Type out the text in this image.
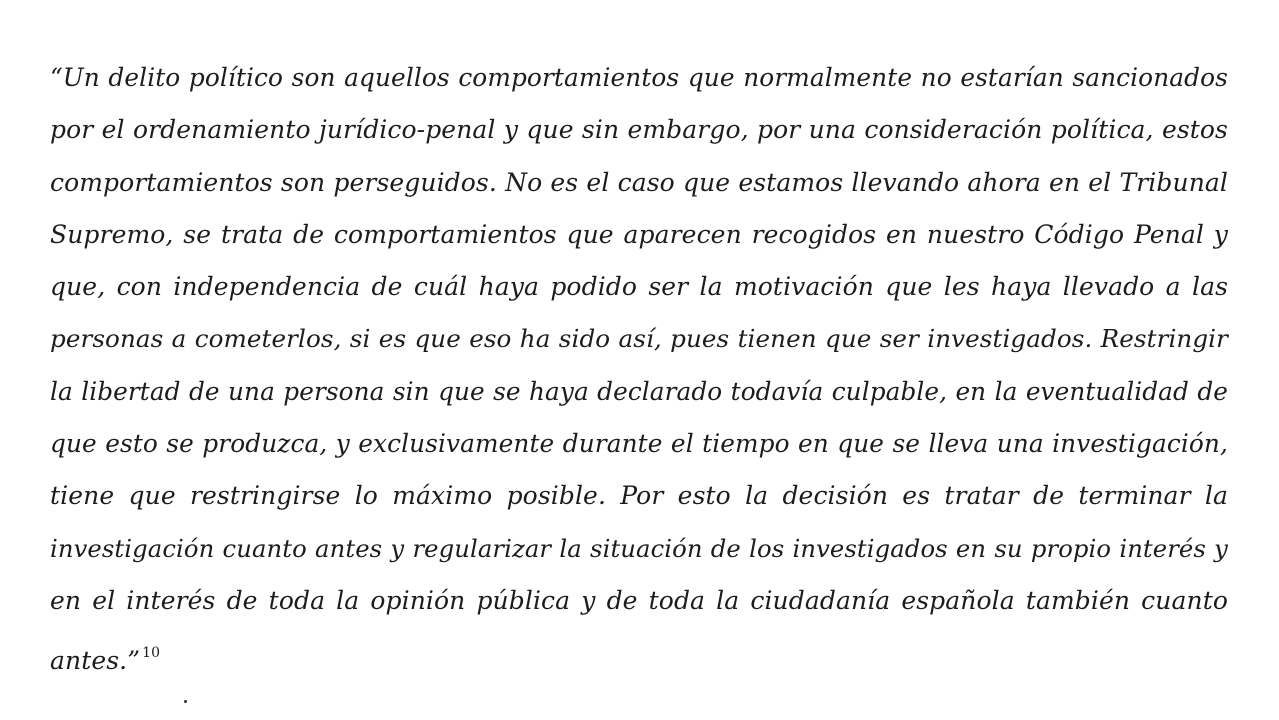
“Un delito político son aquellos comportamientos que normalmente no estarían sancionados
por el ordenamiento jurídico-penal y que sin embargo, por una consideración política, estos
comportamientos son perseguidos. No es el caso que estamos llevando ahora en el Tribunal
Supremo, se trata de comportamientos que aparecen recogidos en nuestro Código Penal y
que, con independencia de cuál haya podido ser la motivación que les haya llevado a las
personas a cometerlos, si es que eso ha sido así, pues tienen que ser investigados. Restringir
la libertad de una persona sin que se haya declarado todavía culpable, en la eventualidad de
que esto se produzca, y exclusivamente durante el tiempo en que se lleva una investigación,
tiene que restringirse lo máximo posible. Por esto la decisión es tratar de terminar la
investigación cuanto antes y regularizar la situación de los investigados en su propio interés y
en el interés de toda la opinión pública y de toda la ciudadanía española también cuanto
antes.” $^{10}$
